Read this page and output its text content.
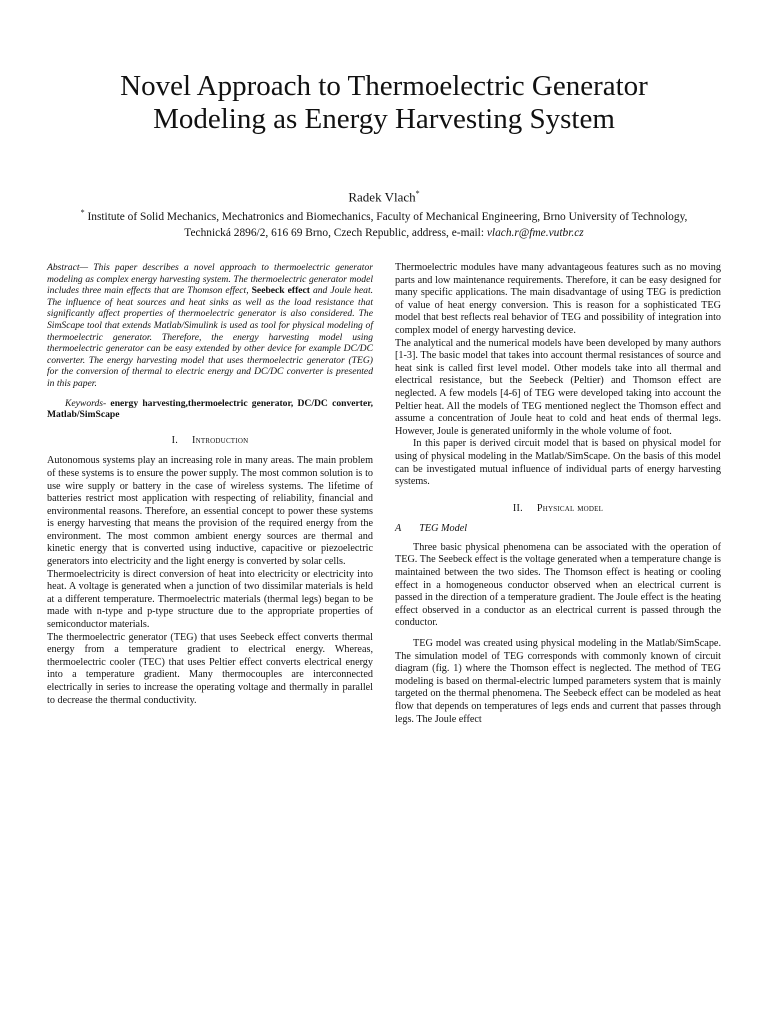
Novel Approach to Thermoelectric Generator
Modeling as Energy Harvesting System
Radek Vlach*
* Institute of Solid Mechanics, Mechatronics and Biomechanics, Faculty of Mechanical Engineering, Brno University of Technology, Technická 2896/2, 616 69 Brno, Czech Republic, address, e-mail: vlach.r@fme.vutbr.cz

Abstract— This paper describes a novel approach to thermoelectric generator modeling as complex energy harvesting system. The thermoelectric generator model includes three main effects that are Thomson effect, Seebeck effect and Joule heat. The influence of heat sources and heat sinks as well as the load resistance that significantly affect properties of thermoelectric generator is also considered. The SimScape tool that extends Matlab/Simulink is used as tool for physical modeling of thermoelectric generator. Therefore, the energy harvesting model using thermoelectric generator can be easy extended by other device for example DC/DC converter. The energy harvesting model that uses thermoelectric generator (TEG) for the conversion of thermal to electric energy and DC/DC converter is presented in this paper.

Keywords- energy harvesting,thermoelectric generator, DC/DC converter, Matlab/SimScape

I. Introduction

Autonomous systems play an increasing role in many areas. The main problem of these systems is to ensure the power supply. The most common solution is to use wire supply or battery in the case of wireless systems. The lifetime of batteries restrict most application with respecting of reliability, financial and environmental reasons. Therefore, an essential concept to power these systems is energy harvesting that means the provision of the required energy from the environment. The most common ambient energy sources are thermal and kinetic energy that is converted using inductive, capacitive or piezoelectric generators into electricity and the light energy is converted by solar cells.

Thermoelectricity is direct conversion of heat into electricity or electricity into heat. A voltage is generated when a junction of two dissimilar materials is held at a different temperature. Thermoelectric materials (thermal legs) began to be made with n-type and p-type structure due to the appropriate properties of semiconductor materials.

The thermoelectric generator (TEG) that uses Seebeck effect converts thermal energy from a temperature gradient to electrical energy. Whereas, thermoelectric cooler (TEC) that uses Peltier effect converts electrical energy into a temperature gradient. Many thermocouples are interconnected electrically in series to increase the operating voltage and thermally in parallel to decrease the thermal conductivity.

Thermoelectric modules have many advantageous features such as no moving parts and low maintenance requirements. Therefore, it can be easy designed for many specific applications. The main disadvantage of using TEG is prediction of value of heat energy conversion. This is reason for a sophisticated TEG model that best reflects real behavior of TEG and possibility of integration into complex model of energy harvesting device.

The analytical and the numerical models have been developed by many authors [1-3]. The basic model that takes into account thermal resistances of source and heat sink is called first level model. Other models take into all thermal and electrical resistance, but the Seebeck (Peltier) and Thomson effect are neglected. A few models [4-6] of TEG were developed taking into account the Peltier heat. All the models of TEG mentioned neglect the Thomson effect and assume a concentration of Joule heat to cold and heat ends of thermal legs. However, Joule is generated uniformly in the whole volume of foot.

In this paper is derived circuit model that is based on physical model for using of physical modeling in the Matlab/SimScape. On the basis of this model can be investigated mutual influence of individual parts of energy harvesting systems.

II. Physical model

A TEG Model

Three basic physical phenomena can be associated with the operation of TEG. The Seebeck effect is the voltage generated when a temperature change is maintained between the two sides. The Thomson effect is heating or cooling effect in a homogeneous conductor observed when an electrical current is passed in the direction of a temperature gradient. The Joule effect is the heating effect observed in a conductor as an electrical current is passed through the conductor.

TEG model was created using physical modeling in the Matlab/SimScape. The simulation model of TEG corresponds with commonly known of circuit diagram (fig. 1) where the Thomson effect is neglected. The method of TEG modeling is based on thermal-electric lumped parameters system that is mainly targeted on the thermal phenomena. The Seebeck effect can be modeled as heat flow that depends on temperatures of legs ends and current that passes through legs. The Joule effect
